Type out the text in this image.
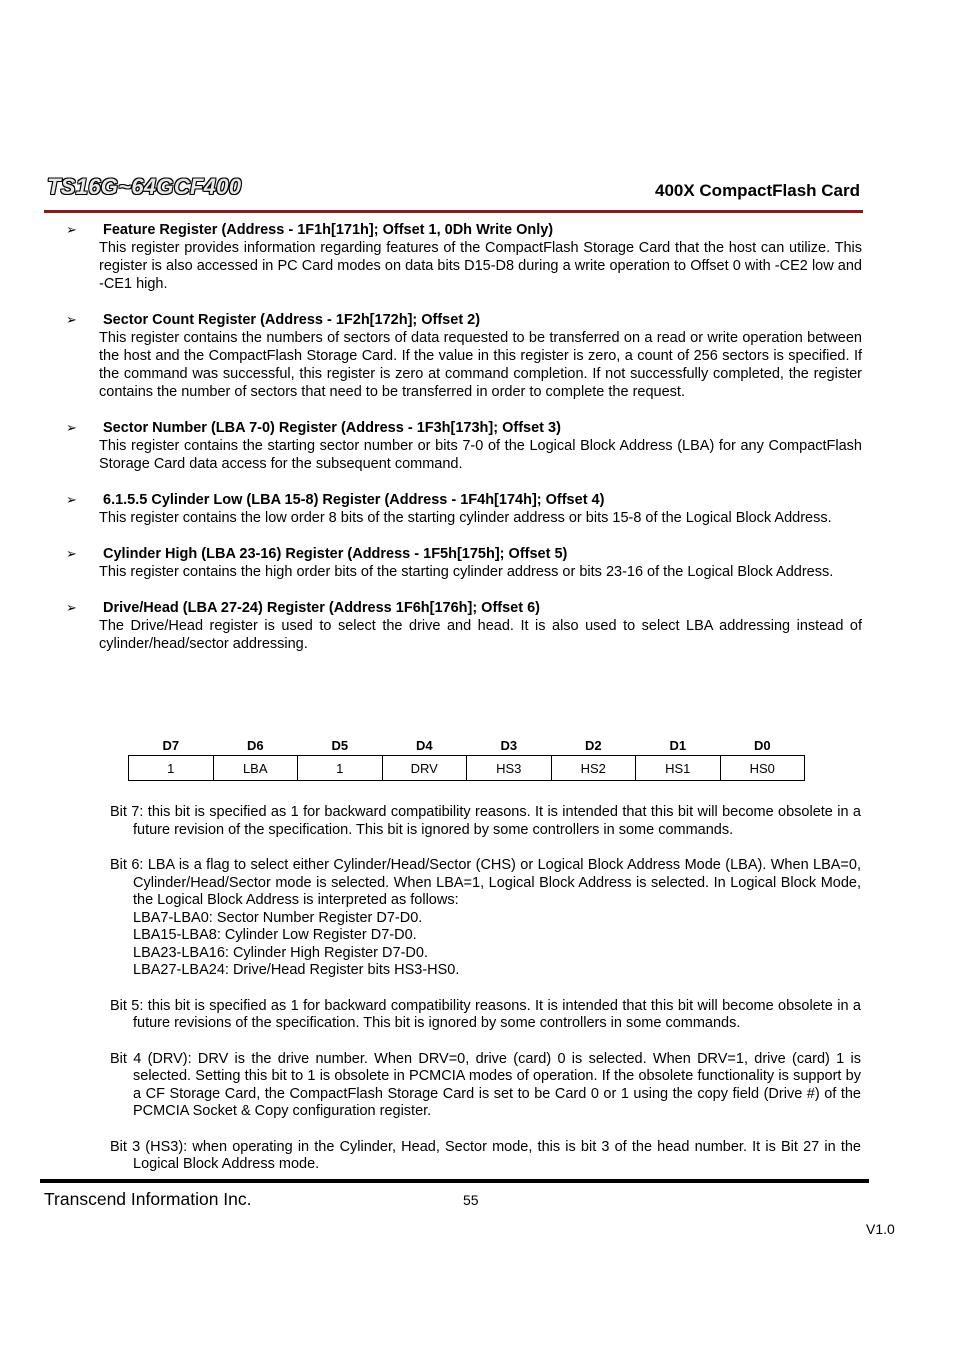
TS16G~64GCF400	400X CompactFlash Card
➢ Feature Register (Address - 1F1h[171h]; Offset 1, 0Dh Write Only)
This register provides information regarding features of the CompactFlash Storage Card that the host can utilize. This register is also accessed in PC Card modes on data bits D15-D8 during a write operation to Offset 0 with -CE2 low and -CE1 high.
➢ Sector Count Register (Address - 1F2h[172h]; Offset 2)
This register contains the numbers of sectors of data requested to be transferred on a read or write operation between the host and the CompactFlash Storage Card. If the value in this register is zero, a count of 256 sectors is specified. If the command was successful, this register is zero at command completion. If not successfully completed, the register contains the number of sectors that need to be transferred in order to complete the request.
➢ Sector Number (LBA 7-0) Register (Address - 1F3h[173h]; Offset 3)
This register contains the starting sector number or bits 7-0 of the Logical Block Address (LBA) for any CompactFlash Storage Card data access for the subsequent command.
➢ 6.1.5.5 Cylinder Low (LBA 15-8) Register (Address - 1F4h[174h]; Offset 4)
This register contains the low order 8 bits of the starting cylinder address or bits 15-8 of the Logical Block Address.
➢ Cylinder High (LBA 23-16) Register (Address - 1F5h[175h]; Offset 5)
This register contains the high order bits of the starting cylinder address or bits 23-16 of the Logical Block Address.
➢ Drive/Head (LBA 27-24) Register (Address 1F6h[176h]; Offset 6)
The Drive/Head register is used to select the drive and head. It is also used to select LBA addressing instead of cylinder/head/sector addressing.
D7	D6	D5	D4	D3	D2	D1	D0
1	LBA	1	DRV	HS3	HS2	HS1	HS0
Bit 7: this bit is specified as 1 for backward compatibility reasons. It is intended that this bit will become obsolete in a future revision of the specification. This bit is ignored by some controllers in some commands.
Bit 6: LBA is a flag to select either Cylinder/Head/Sector (CHS) or Logical Block Address Mode (LBA). When LBA=0, Cylinder/Head/Sector mode is selected. When LBA=1, Logical Block Address is selected. In Logical Block Mode, the Logical Block Address is interpreted as follows:
LBA7-LBA0: Sector Number Register D7-D0.
LBA15-LBA8: Cylinder Low Register D7-D0.
LBA23-LBA16: Cylinder High Register D7-D0.
LBA27-LBA24: Drive/Head Register bits HS3-HS0.
Bit 5: this bit is specified as 1 for backward compatibility reasons. It is intended that this bit will become obsolete in a future revisions of the specification. This bit is ignored by some controllers in some commands.
Bit 4 (DRV): DRV is the drive number. When DRV=0, drive (card) 0 is selected. When DRV=1, drive (card) 1 is selected. Setting this bit to 1 is obsolete in PCMCIA modes of operation. If the obsolete functionality is support by a CF Storage Card, the CompactFlash Storage Card is set to be Card 0 or 1 using the copy field (Drive #) of the PCMCIA Socket & Copy configuration register.
Bit 3 (HS3): when operating in the Cylinder, Head, Sector mode, this is bit 3 of the head number. It is Bit 27 in the Logical Block Address mode.
Transcend Information Inc.	55
V1.0
